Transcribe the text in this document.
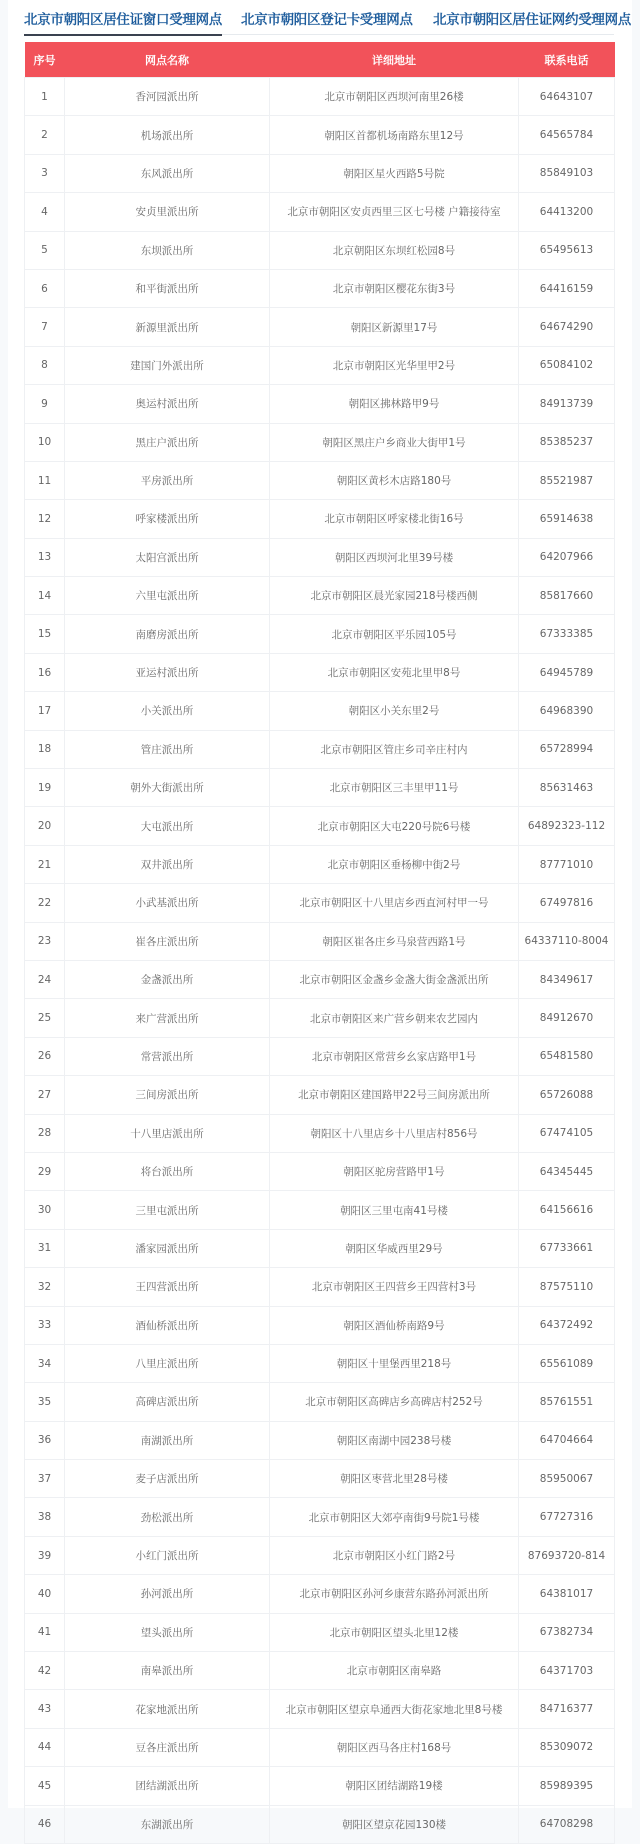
北京市朝阳区居住证窗口受理网点 北京市朝阳区登记卡受理网点 北京市朝阳区居住证网约受理网点
序号	网点名称	详细地址	联系电话
1	香河园派出所	北京市朝阳区西坝河南里26楼	64643107
2	机场派出所	朝阳区首都机场南路东里12号	64565784
3	东风派出所	朝阳区星火西路5号院	85849103
4	安贞里派出所	北京市朝阳区安贞西里三区七号楼 户籍接待室	64413200
5	东坝派出所	北京朝阳区东坝红松园8号	65495613
6	和平街派出所	北京市朝阳区樱花东街3号	64416159
7	新源里派出所	朝阳区新源里17号	64674290
8	建国门外派出所	北京市朝阳区光华里甲2号	65084102
9	奥运村派出所	朝阳区拂林路甲9号	84913739
10	黑庄户派出所	朝阳区黑庄户乡商业大街甲1号	85385237
11	平房派出所	朝阳区黄杉木店路180号	85521987
12	呼家楼派出所	北京市朝阳区呼家楼北街16号	65914638
13	太阳宫派出所	朝阳区西坝河北里39号楼	64207966
14	六里屯派出所	北京市朝阳区晨光家园218号楼西侧	85817660
15	南磨房派出所	北京市朝阳区平乐园105号	67333385
16	亚运村派出所	北京市朝阳区安苑北里甲8号	64945789
17	小关派出所	朝阳区小关东里2号	64968390
18	管庄派出所	北京市朝阳区管庄乡司辛庄村内	65728994
19	朝外大街派出所	北京市朝阳区三丰里甲11号	85631463
20	大屯派出所	北京市朝阳区大屯220号院6号楼	64892323-112
21	双井派出所	北京市朝阳区垂杨柳中街2号	87771010
22	小武基派出所	北京市朝阳区十八里店乡西直河村甲一号	67497816
23	崔各庄派出所	朝阳区崔各庄乡马泉营西路1号	64337110-8004
24	金盏派出所	北京市朝阳区金盏乡金盏大街金盏派出所	84349617
25	来广营派出所	北京市朝阳区来广营乡朝来农艺园内	84912670
26	常营派出所	北京市朝阳区常营乡幺家店路甲1号	65481580
27	三间房派出所	北京市朝阳区建国路甲22号三间房派出所	65726088
28	十八里店派出所	朝阳区十八里店乡十八里店村856号	67474105
29	将台派出所	朝阳区驼房营路甲1号	64345445
30	三里屯派出所	朝阳区三里屯南41号楼	64156616
31	潘家园派出所	朝阳区华威西里29号	67733661
32	王四营派出所	北京市朝阳区王四营乡王四营村3号	87575110
33	酒仙桥派出所	朝阳区酒仙桥南路9号	64372492
34	八里庄派出所	朝阳区十里堡西里218号	65561089
35	高碑店派出所	北京市朝阳区高碑店乡高碑店村252号	85761551
36	南湖派出所	朝阳区南湖中园238号楼	64704664
37	麦子店派出所	朝阳区枣营北里28号楼	85950067
38	劲松派出所	北京市朝阳区大郊亭南街9号院1号楼	67727316
39	小红门派出所	北京市朝阳区小红门路2号	87693720-814
40	孙河派出所	北京市朝阳区孙河乡康营东路孙河派出所	64381017
41	望头派出所	北京市朝阳区望头北里12楼	67382734
42	南皋派出所	北京市朝阳区南皋路	64371703
43	花家地派出所	北京市朝阳区望京阜通西大街花家地北里8号楼	84716377
44	豆各庄派出所	朝阳区西马各庄村168号	85309072
45	团结湖派出所	朝阳区团结湖路19楼	85989395
46	东湖派出所	朝阳区望京花园130楼	64708298
